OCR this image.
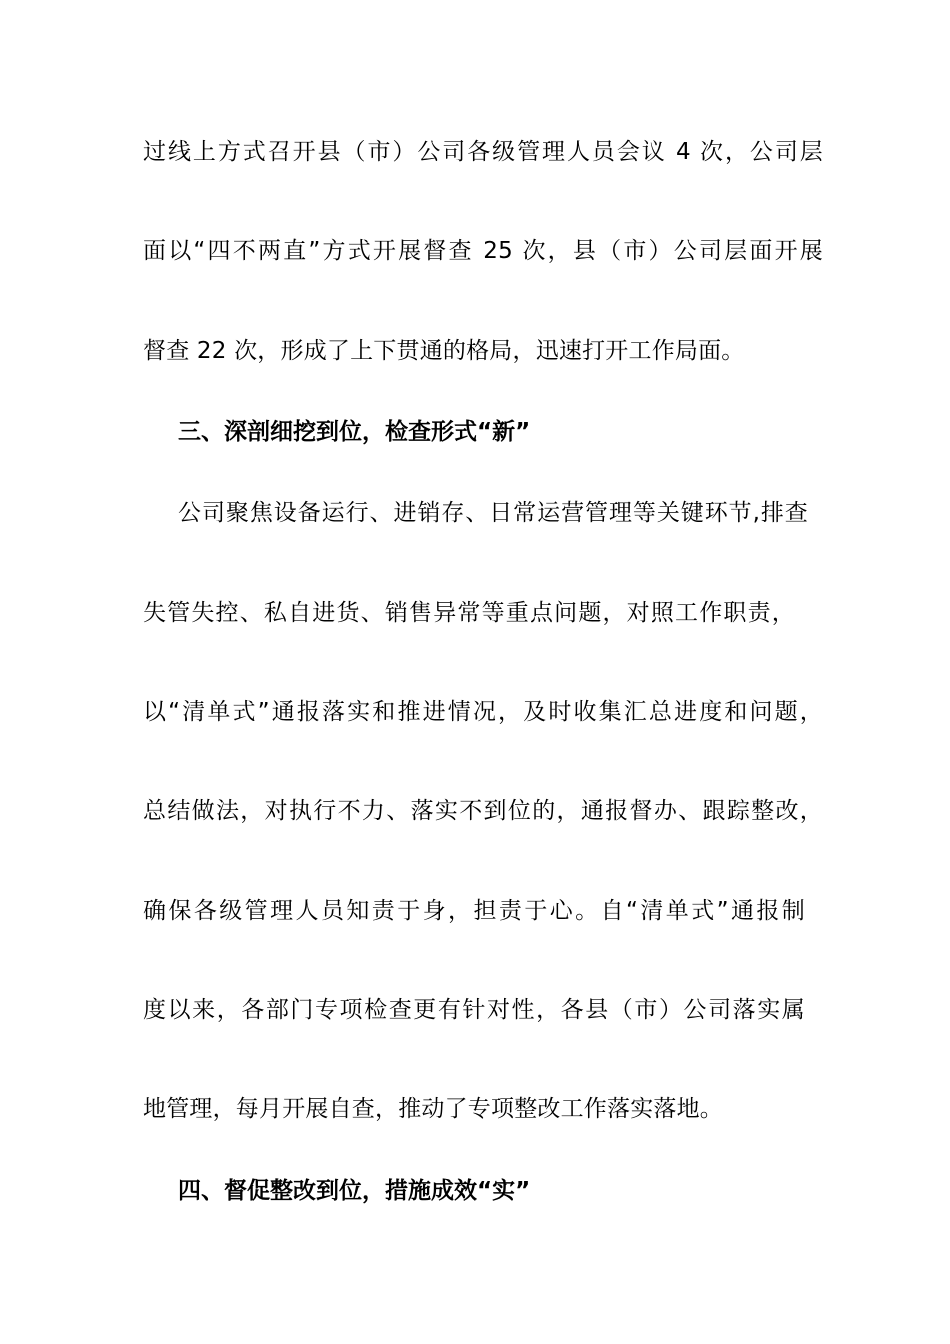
过线上方式召开县（市）公司各级管理人员会议 4 次，公司层
面以“四不两直”方式开展督查 25 次，县（市）公司层面开展
督查 22 次，形成了上下贯通的格局，迅速打开工作局面。
三、深剖细挖到位，检查形式“新”
公司聚焦设备运行、进销存、日常运营管理等关键环节,排查
失管失控、私自进货、销售异常等重点问题，对照工作职责，
以“清单式”通报落实和推进情况，及时收集汇总进度和问题，
总结做法，对执行不力、落实不到位的，通报督办、跟踪整改，
确保各级管理人员知责于身，担责于心。自“清单式”通报制
度以来，各部门专项检查更有针对性，各县（市）公司落实属
地管理，每月开展自查，推动了专项整改工作落实落地。
四、督促整改到位，措施成效“实”
